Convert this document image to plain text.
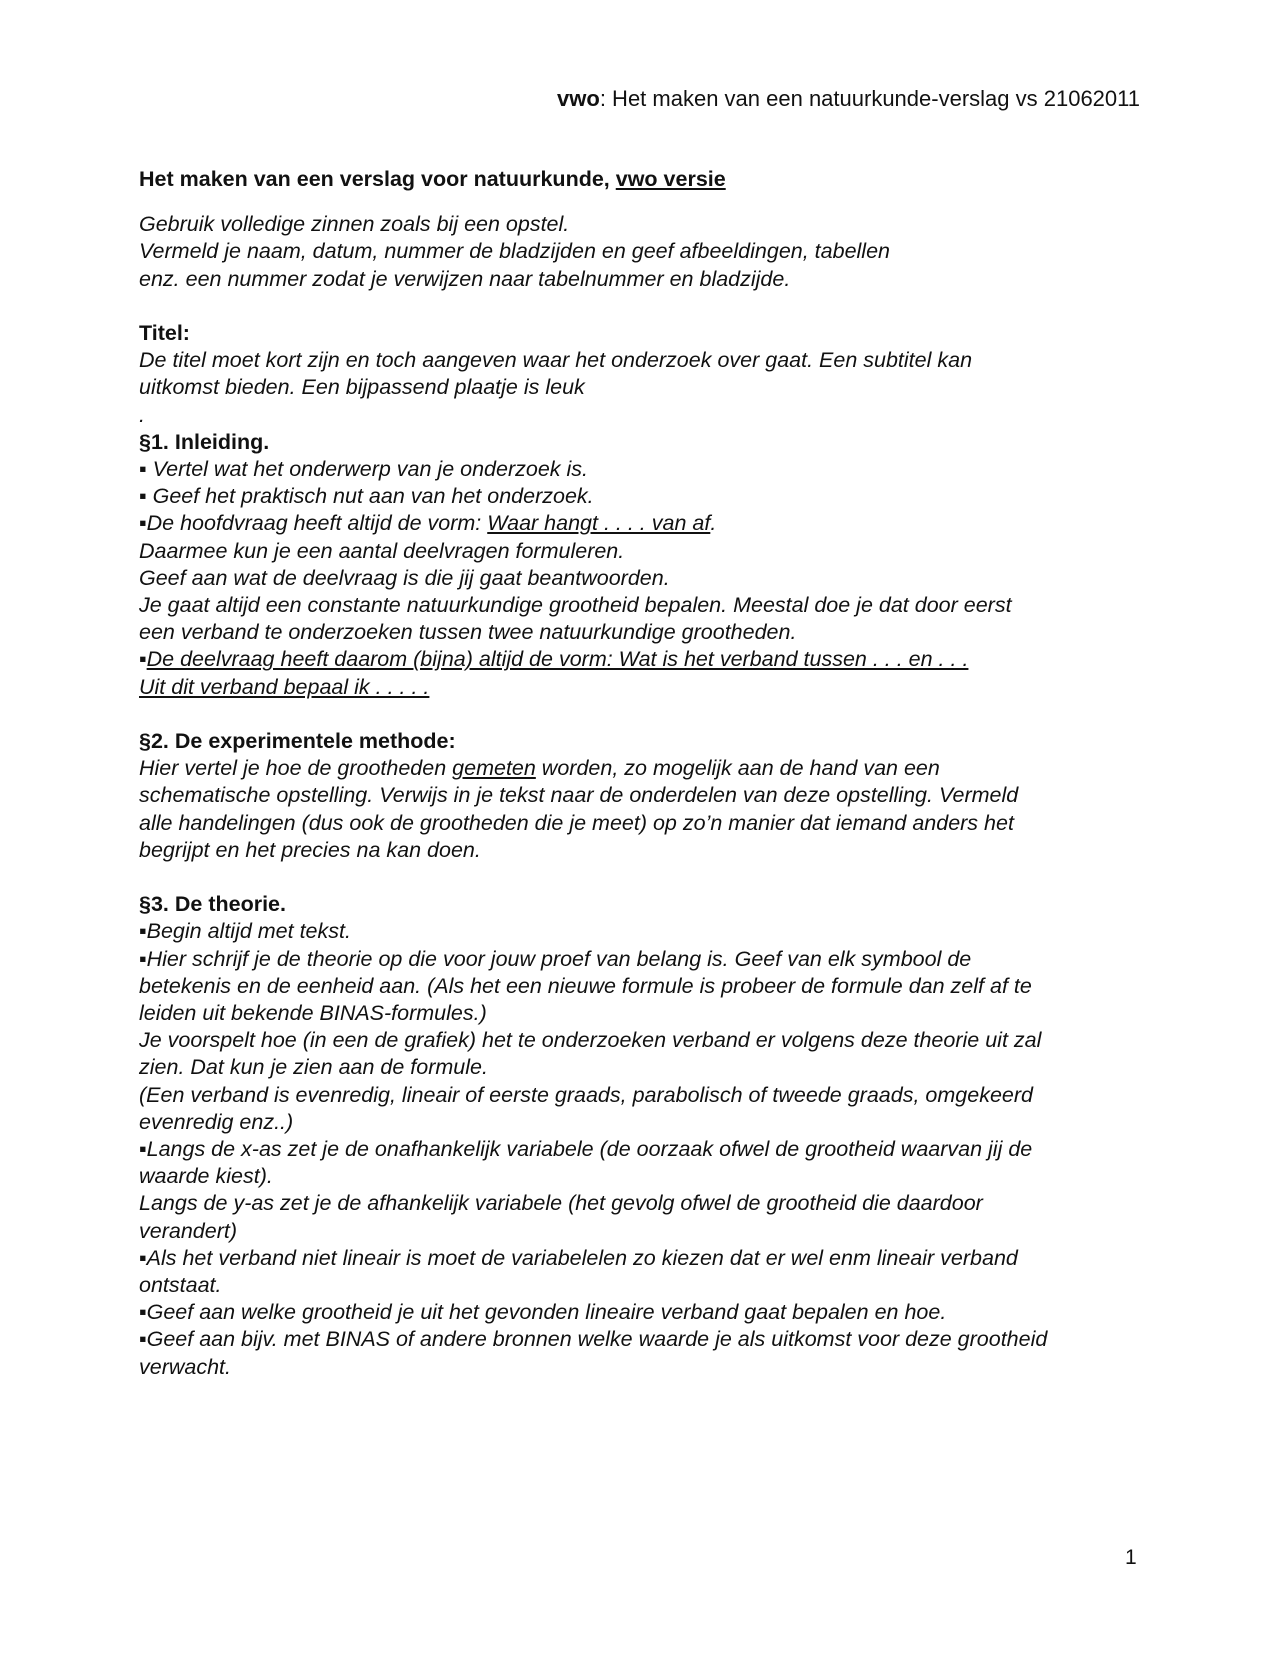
vwo: Het maken van een natuurkunde-verslag vs 21062011

Het maken van een verslag voor natuurkunde, vwo versie

Gebruik volledige zinnen zoals bij een opstel.

Vermeld je naam, datum, nummer de bladzijden en geef afbeeldingen, tabellen

enz. een nummer zodat je verwijzen naar tabelnummer en bladzijde.

Titel:

De titel moet kort zijn en toch aangeven waar het onderzoek over gaat. Een subtitel kan

uitkomst bieden. Een bijpassend plaatje is leuk

.

§1. Inleiding.

▪ Vertel wat het onderwerp van je onderzoek is.

▪ Geef het praktisch nut aan van het onderzoek.

▪De hoofdvraag heeft altijd de vorm: Waar hangt . . . . van af.

Daarmee kun je een aantal deelvragen formuleren.

Geef aan wat de deelvraag is die jij gaat beantwoorden.

Je gaat altijd een constante natuurkundige grootheid bepalen. Meestal doe je dat door eerst

een verband te onderzoeken tussen twee natuurkundige grootheden.

▪De deelvraag heeft daarom (bijna) altijd de vorm: Wat is het verband tussen . . . en . . .

Uit dit verband bepaal ik . . . . .

§2. De experimentele methode:

Hier vertel je hoe de grootheden gemeten worden, zo mogelijk aan de hand van een

schematische opstelling. Verwijs in je tekst naar de onderdelen van deze opstelling. Vermeld

alle handelingen (dus ook de grootheden die je meet) op zo’n manier dat iemand anders het

begrijpt en het precies na kan doen.

§3. De theorie.

▪Begin altijd met tekst.

▪Hier schrijf je de theorie op die voor jouw proef van belang is. Geef van elk symbool de

betekenis en de eenheid aan. (Als het een nieuwe formule is probeer de formule dan zelf af te

leiden uit bekende BINAS-formules.)

Je voorspelt hoe (in een de grafiek) het te onderzoeken verband er volgens deze theorie uit zal

zien. Dat kun je zien aan de formule.

(Een verband is evenredig, lineair of eerste graads, parabolisch of tweede graads, omgekeerd

evenredig enz..)

▪Langs de x-as zet je de onafhankelijk variabele (de oorzaak ofwel de grootheid waarvan jij de

waarde kiest).

Langs de y-as zet je de afhankelijk variabele (het gevolg ofwel de grootheid die daardoor

verandert)

▪Als het verband niet lineair is moet de variabelelen zo kiezen dat er wel enm lineair verband

ontstaat.

▪Geef aan welke grootheid je uit het gevonden lineaire verband gaat bepalen en hoe.

▪Geef aan bijv. met BINAS of andere bronnen welke waarde je als uitkomst voor deze grootheid

verwacht.

1
